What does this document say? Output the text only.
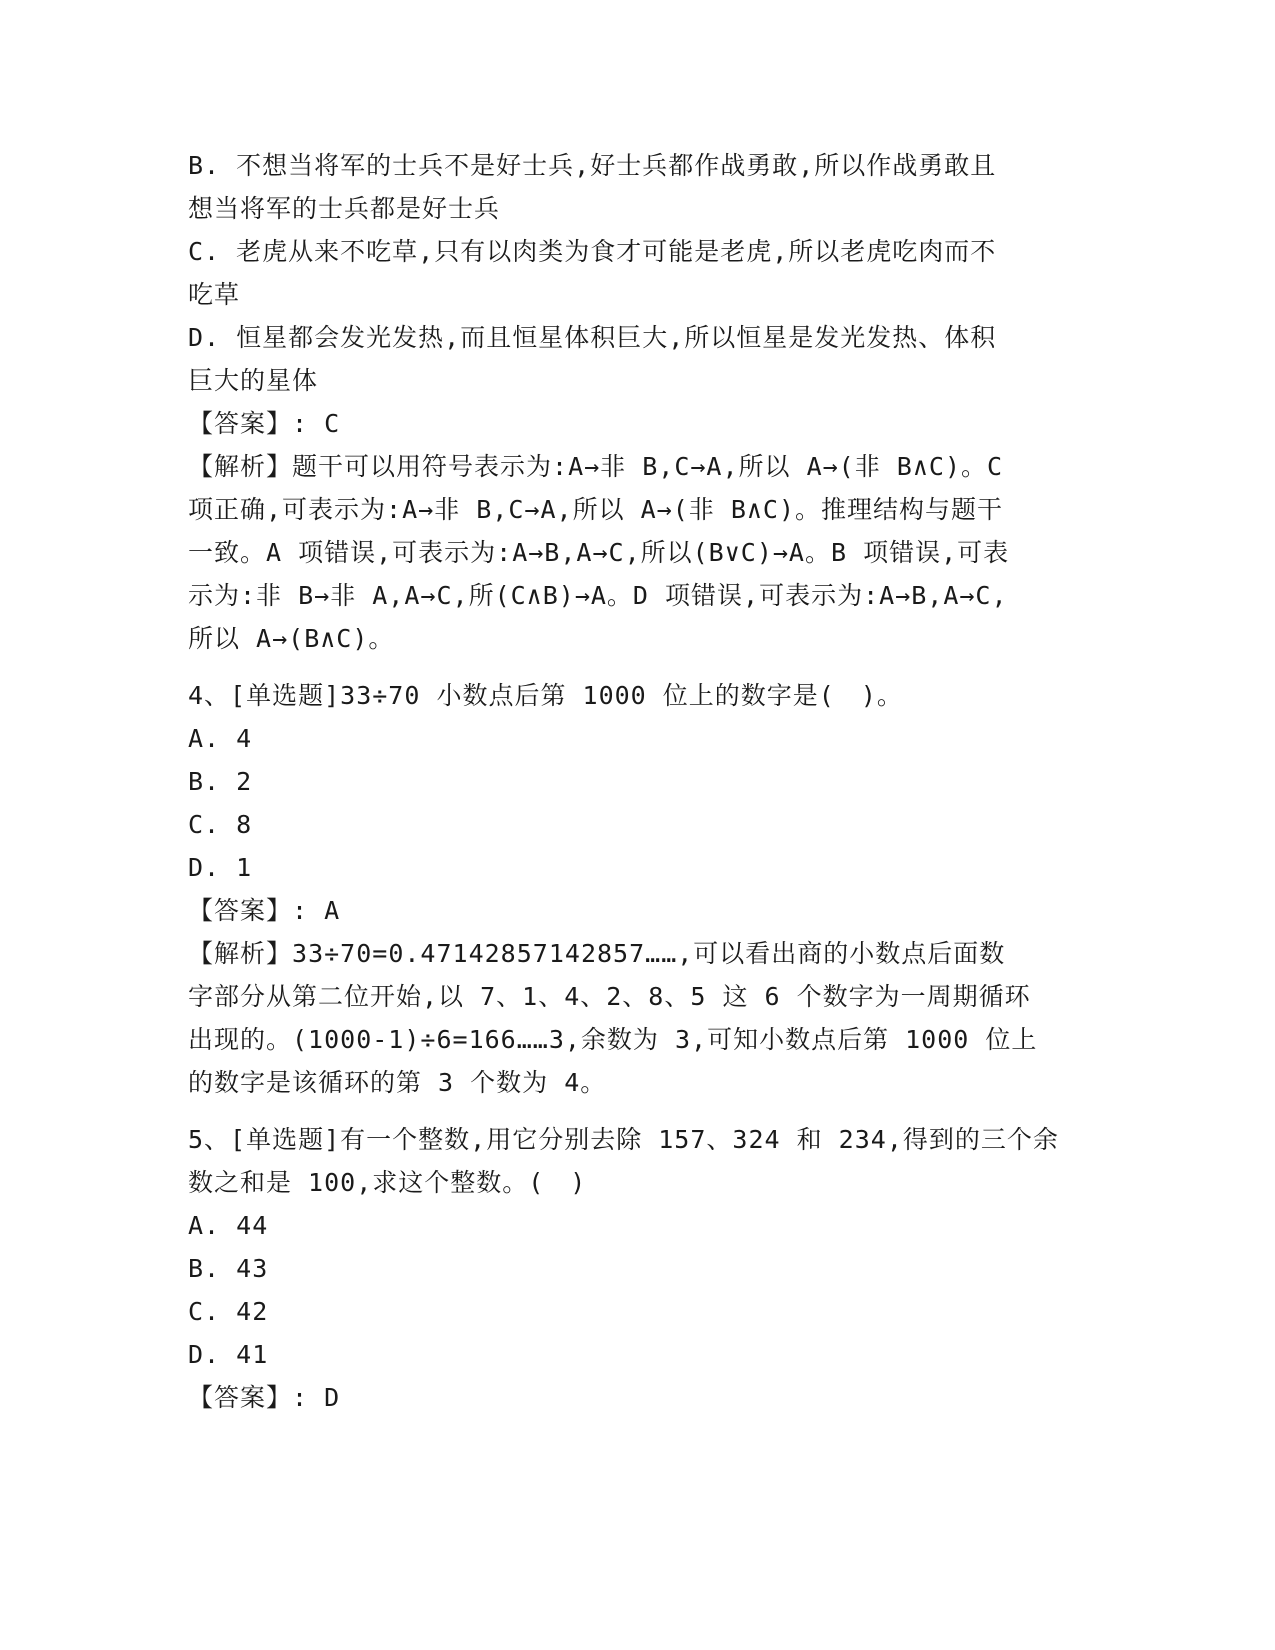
B. 不想当将军的士兵不是好士兵,好士兵都作战勇敢,所以作战勇敢且
想当将军的士兵都是好士兵
C. 老虎从来不吃草,只有以肉类为食才可能是老虎,所以老虎吃肉而不
吃草
D. 恒星都会发光发热,而且恒星体积巨大,所以恒星是发光发热、体积
巨大的星体
【答案】: C
【解析】题干可以用符号表示为:A→非 B,C→A,所以 A→(非 B∧C)。C
项正确,可表示为:A→非 B,C→A,所以 A→(非 B∧C)。推理结构与题干
一致。A 项错误,可表示为:A→B,A→C,所以(B∨C)→A。B 项错误,可表
示为:非 B→非 A,A→C,所(C∧B)→A。D 项错误,可表示为:A→B,A→C,
所以 A→(B∧C)。
4、[单选题]33÷70 小数点后第 1000 位上的数字是(　)。
A. 4
B. 2
C. 8
D. 1
【答案】: A
【解析】33÷70=0.47142857142857……,可以看出商的小数点后面数
字部分从第二位开始,以 7、1、4、2、8、5 这 6 个数字为一周期循环
出现的。(1000-1)÷6=166……3,余数为 3,可知小数点后第 1000 位上
的数字是该循环的第 3 个数为 4。
5、[单选题]有一个整数,用它分别去除 157、324 和 234,得到的三个余
数之和是 100,求这个整数。(　)
A. 44
B. 43
C. 42
D. 41
【答案】: D
